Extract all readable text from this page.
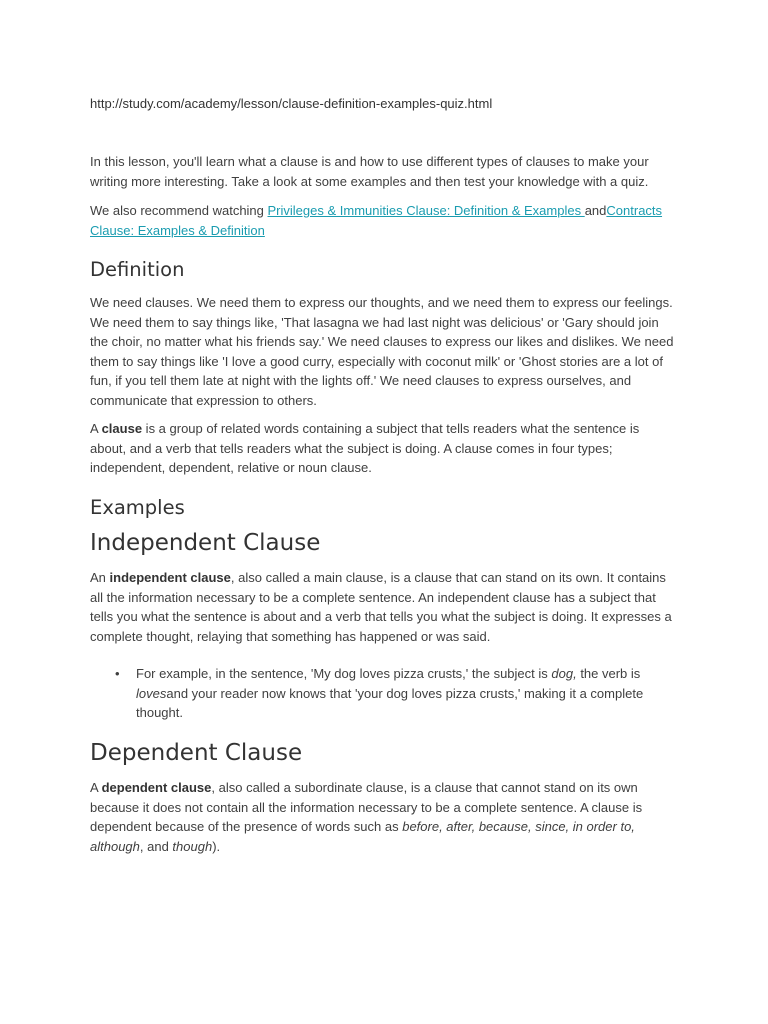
http://study.com/academy/lesson/clause-definition-examples-quiz.html

In this lesson, you'll learn what a clause is and how to use different types of clauses to make your writing more interesting. Take a look at some examples and then test your knowledge with a quiz.

We also recommend watching Privileges & Immunities Clause: Definition & Examples andContracts Clause: Examples & Definition

Definition

We need clauses. We need them to express our thoughts, and we need them to express our feelings. We need them to say things like, 'That lasagna we had last night was delicious' or 'Gary should join the choir, no matter what his friends say.' We need clauses to express our likes and dislikes. We need them to say things like 'I love a good curry, especially with coconut milk' or 'Ghost stories are a lot of fun, if you tell them late at night with the lights off.' We need clauses to express ourselves, and communicate that expression to others.

A clause is a group of related words containing a subject that tells readers what the sentence is about, and a verb that tells readers what the subject is doing. A clause comes in four types; independent, dependent, relative or noun clause.

Examples
Independent Clause

An independent clause, also called a main clause, is a clause that can stand on its own. It contains all the information necessary to be a complete sentence. An independent clause has a subject that tells you what the sentence is about and a verb that tells you what the subject is doing. It expresses a complete thought, relaying that something has happened or was said.

• For example, in the sentence, 'My dog loves pizza crusts,' the subject is dog, the verb is lovesand your reader now knows that 'your dog loves pizza crusts,' making it a complete thought.
Dependent Clause

A dependent clause, also called a subordinate clause, is a clause that cannot stand on its own because it does not contain all the information necessary to be a complete sentence. A clause is dependent because of the presence of words such as before, after, because, since, in order to, although, and though).
